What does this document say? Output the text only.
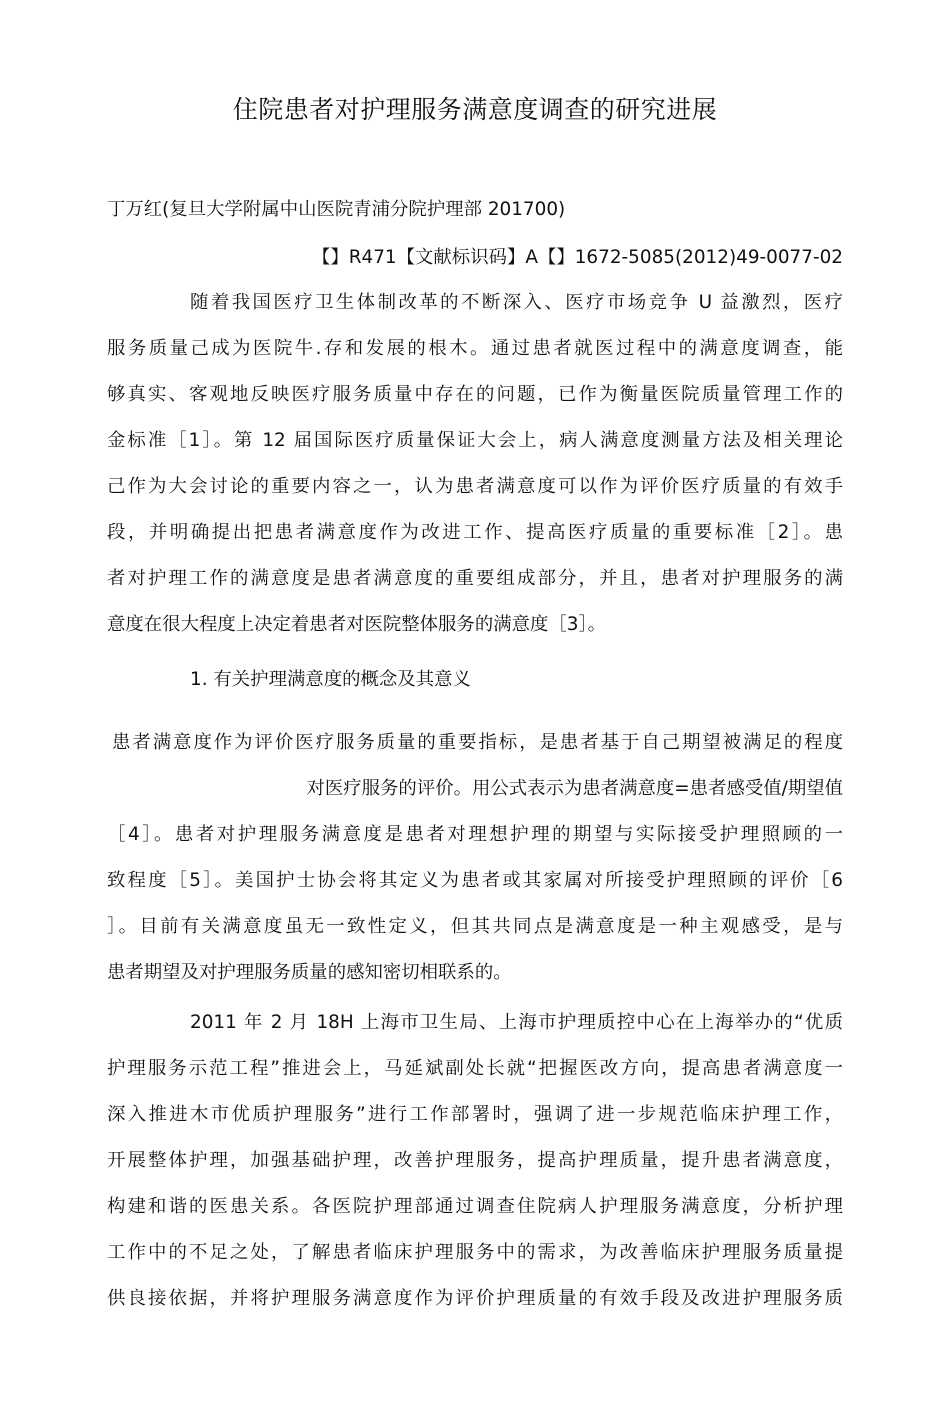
住院患者对护理服务满意度调查的研究进展

丁万红(复旦大学附属中山医院青浦分院护理部 201700)

【】R471【文献标识码】A【】1672-5085(2012)49-0077-02

随着我国医疗卫生体制改革的不断深入、医疗市场竞争 U 益激烈，医疗

服务质量己成为医院牛.存和发展的根木。通过患者就医过程中的满意度调查，能

够真实、客观地反映医疗服务质量中存在的问题，已作为衡量医院质量管理工作的

金标准［1］。第 12 届国际医疗质量保证大会上，病人满意度测量方法及相关理论

己作为大会讨论的重要内容之一，认为患者满意度可以作为评价医疗质量的有效手

段，并明确提出把患者满意度作为改进工作、提高医疗质量的重要标准［2］。患

者对护理工作的满意度是患者满意度的重要组成部分，并且，患者对护理服务的满

意度在很大程度上决定着患者对医院整体服务的满意度［3］。

1. 有关护理满意度的概念及其意义

患者满意度作为评价医疗服务质量的重要指标，是患者基于自己期望被满足的程度

对医疗服务的评价。用公式表示为患者满意度=患者感受值/期望值

［4］。患者对护理服务满意度是患者对理想护理的期望与实际接受护理照顾的一

致程度［5］。美国护士协会将其定义为患者或其家属对所接受护理照顾的评价［6

］。目前有关满意度虽无一致性定义，但其共同点是满意度是一种主观感受，是与

患者期望及对护理服务质量的感知密切相联系的。

2011 年 2 月 18H 上海市卫生局、上海市护理质控中心在上海举办的“优质

护理服务示范工程”推进会上，马延斌副处长就“把握医改方向，提高患者满意度一

深入推进木市优质护理服务”进行工作部署时，强调了进一步规范临床护理工作，

开展整体护理，加强基础护理，改善护理服务，提高护理质量，提升患者满意度，

构建和谐的医患关系。各医院护理部通过调查住院病人护理服务满意度，分析护理

工作中的不足之处，了解患者临床护理服务中的需求，为改善临床护理服务质量提

供良接依据，并将护理服务满意度作为评价护理质量的有效手段及改进护理服务质
